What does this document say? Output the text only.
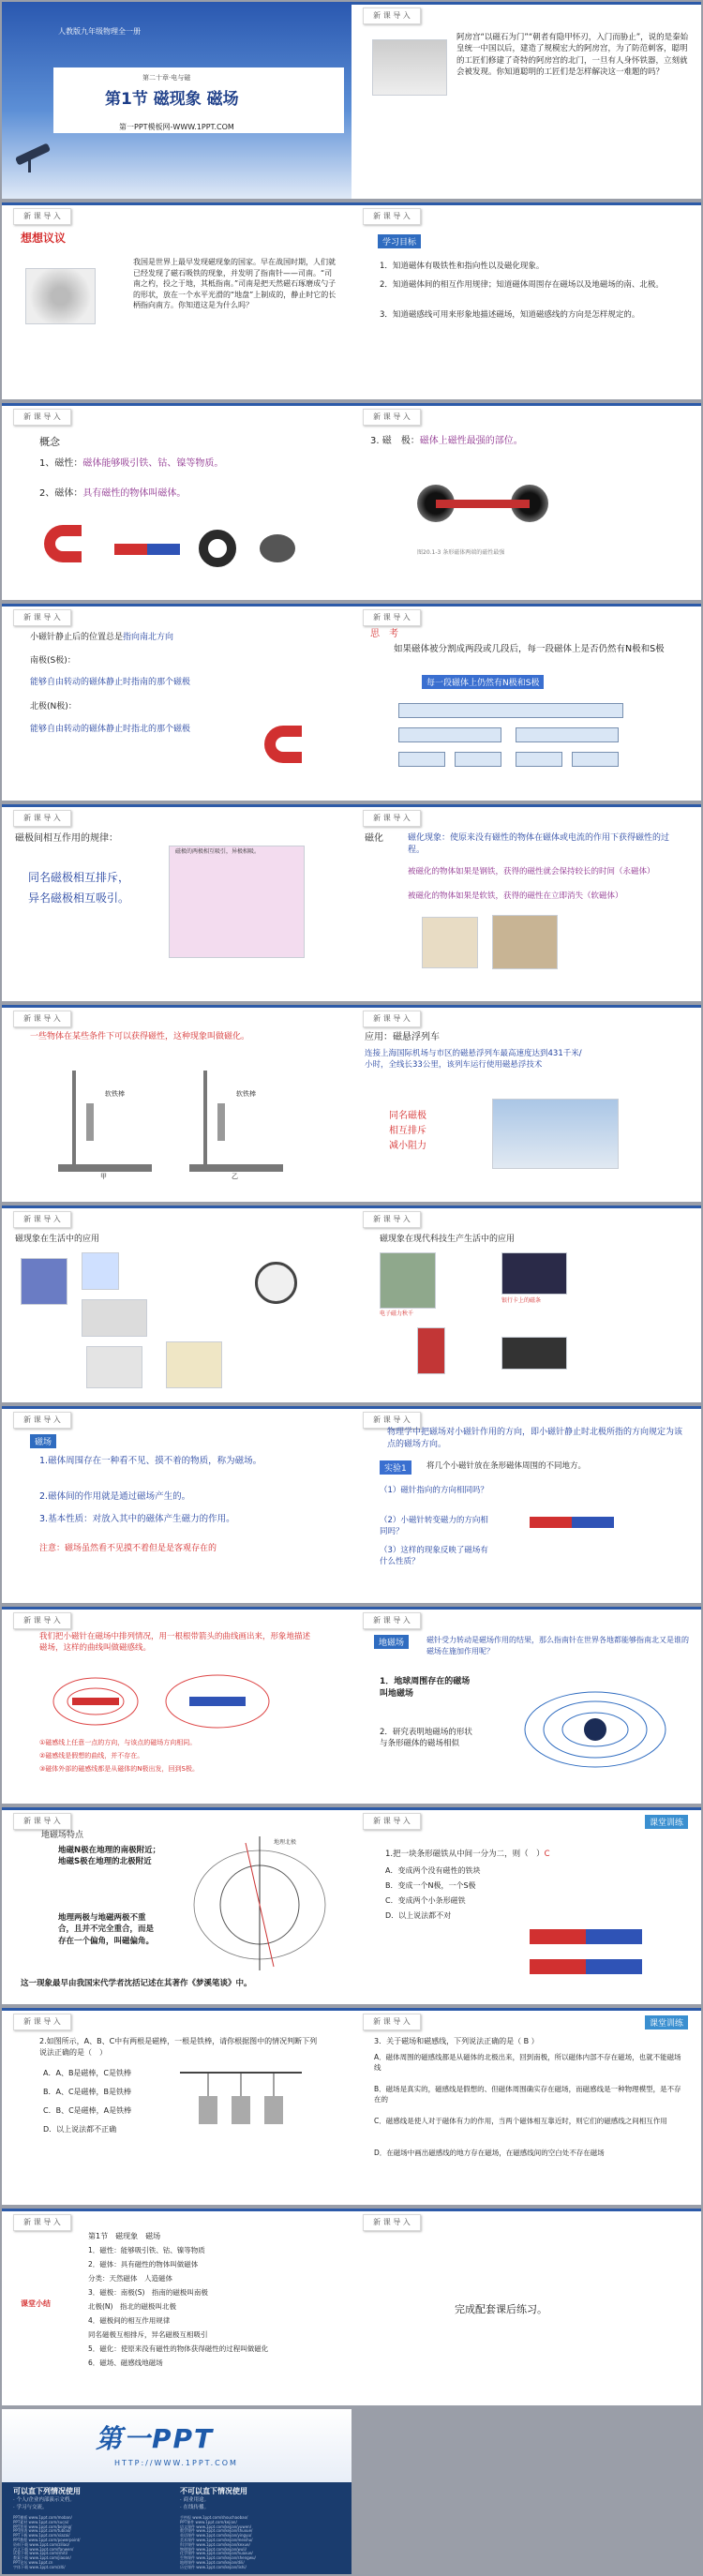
人教版九年级物理全一册
第二十章·电与磁
第1节 磁现象 磁场
第一PPT模板网-WWW.1PPT.COM
新 课 导 入
阿房宫“以磁石为门”“朝者有隐甲怀刃，入门而胁止”，说的是秦始皇统一中国以后，建造了规模宏大的阿房宫，为了防范刺客，聪明的工匠们修建了奇特的阿房宫的北门，一旦有人身怀铁器，立刻就会被发现。你知道聪明的工匠们是怎样解决这一难题的吗？
新 课 导 入
想想议议
我国是世界上最早发现磁现象的国家。早在战国时期，人们就已经发现了磁石吸铁的现象，并发明了指南针——司南。“司南之杓，投之于地，其柢指南。”司南是把天然磁石琢磨成勺子的形状，放在一个水平光滑的“地盘”上制成的，静止时它的长柄指向南方。你知道这是为什么吗？
新 课 导 入
学习目标
1．知道磁体有吸铁性和指向性以及磁化现象。
2．知道磁体间的相互作用规律；知道磁体周围存在磁场以及地磁场的南、北极。
3．知道磁感线可用来形象地描述磁场，知道磁感线的方向是怎样规定的。
新 课 导 入
概念
1、磁性：磁体能够吸引铁、钴、镍等物质。
2、磁体：具有磁性的物体叫磁体。
新 课 导 入
3. 磁　极：磁体上磁性最强的部位。
图20.1-3 条形磁体两端的磁性最强
新 课 导 入
小磁针静止后的位置总是指向南北方向
南极(S极)：
能够自由转动的磁体静止时指南的那个磁极
北极(N极)：
能够自由转动的磁体静止时指北的那个磁极
新 课 导 入
思　考
如果磁体被分割成两段或几段后，每一段磁体上是否仍然有N极和S极
每一段磁体上仍然有N极和S极
新 课 导 入
磁极间相互作用的规律：
同名磁极相互排斥，
异名磁极相互吸引。
磁极的两极相互吸引，异极相吸。
新 课 导 入
磁化	磁化现象：使原来没有磁性的物体在磁体或电流的作用下获得磁性的过程。
被磁化的物体如果是钢铁，获得的磁性就会保持较长的时间（永磁体）
被磁化的物体如果是软铁，获得的磁性在立即消失（软磁体）
新 课 导 入
一些物体在某些条件下可以获得磁性，这种现象叫做磁化。
软铁棒
甲
软铁棒
乙
新 课 导 入
应用：磁悬浮列车
连接上海国际机场与市区的磁悬浮列车最高速度达到431千米/小时，全线长33公里，该列车运行使用磁悬浮技术
同名磁极
相互排斥
减小阻力
新 课 导 入
磁现象在生活中的应用
新 课 导 入
磁现象在现代科技生产生活中的应用
电子磁力秋千
银行卡上的磁条
新 课 导 入
磁场
1.磁体周围存在一种看不见、摸不着的物质，称为磁场。
2.磁体间的作用就是通过磁场产生的。
3.基本性质：对放入其中的磁体产生磁力的作用。
注意：磁场虽然看不见摸不着但是是客观存在的
新 课 导 入
物理学中把磁场对小磁针作用的方向，即小磁针静止时北极所指的方向规定为该点的磁场方向。
实验1	将几个小磁针放在条形磁体周围的不同地方。
（1）磁针指向的方向相同吗？
（2）小磁针转变磁力的方向相同吗？
（3）这样的现象反映了磁场有什么性质？
新 课 导 入
我们把小磁针在磁场中排列情况，用一根根带箭头的曲线画出来，形象地描述磁场，这样的曲线叫做磁感线。
①磁感线上任意一点的方向，与该点的磁场方向相同。
②磁感线是假想的曲线，并不存在。
③磁体外部的磁感线都是从磁体的N极出发，回到S极。
新 课 导 入
地磁场	磁针受力转动是磁场作用的结果，那么指南针在世界各地都能够指南北又是谁的磁场在施加作用呢？
1．地球周围存在的磁场叫地磁场
2．研究表明地磁场的形状与条形磁体的磁场相似
新 课 导 入
地磁场特点
地磁N极在地理的南极附近；地磁S极在地理的北极附近
地理两极与地磁两极不重合，且并不完全重合，而是存在一个偏角，叫磁偏角。
这一现象最早由我国宋代学者沈括记述在其著作《梦溪笔谈》中。
地理北极
新 课 导 入	课堂训练
1.把一块条形磁铁从中间一分为二，则（　）C
A．变成两个没有磁性的铁块
B．变成一个N极，一个S极
C．变成两个小条形磁铁
D．以上说法都不对
新 课 导 入
2.如图所示，A、B、C中有两根是磁棒，一根是铁棒，请你根据图中的情况判断下列说法正确的是（　）
A．A、B是磁棒，C是铁棒
B．A、C是磁棒，B是铁棒
C．B、C是磁棒，A是铁棒
D．以上说法都不正确
新 课 导 入	课堂训练
3．关于磁场和磁感线，下列说法正确的是（ B ）
A．磁体周围的磁感线都是从磁体的北极出来，回到南极，所以磁体内部不存在磁场，也就不能磁场线
B．磁场是真实的，磁感线是假想的、但磁体周围确实存在磁场，而磁感线是一种物理模型，是不存在的
C．磁感线是使人对于磁体有力的作用，当两个磁体相互靠近时，则它们的磁感线之间相互作用
D．在磁场中画出磁感线的地方存在磁场，在磁感线间的空白处不存在磁场
新 课 导 入
课堂小结
第1节　磁现象　磁场
1．磁性：能够吸引铁、钴、镍等物质
2．磁体：具有磁性的物体叫做磁体
分类：天然磁体　人造磁体
3．磁极：南极(S)　指南的磁极叫南极
北极(N)　指北的磁极叫北极
4．磁极间的相互作用规律
同名磁极互相排斥，异名磁极互相吸引
5．磁化：使原来没有磁性的物体获得磁性的过程叫做磁化
6．磁场、磁感线地磁场
新 课 导 入
完成配套课后练习。
第一PPT
HTTP://WWW.1PPT.COM
可以直下列情况使用
· 个人/企业内部演示文档。
· 学习与交流。
不可以直下情况使用
· 商业用途。
· 在线传播。
PPT模板 www.1ppt.com/moban/
PPT素材 www.1ppt.com/sucai/
PPT背景 www.1ppt.com/beijing/
PPT图表 www.1ppt.com/tubiao/
PPT下载 www.1ppt.com/xiazai/
PPT教程 www.1ppt.com/powerpoint/
资料下载 www.1ppt.com/ziliao/
范文下载 www.1ppt.com/fanwen/
试卷下载 www.1ppt.com/shiti/
教案下载 www.1ppt.com/jiaoan/
PPT论坛 www.1ppt.cn
字体下载 www.1ppt.com/ziti/
手抄报 www.1ppt.com/shouchaobao/
PPT课件 www.1ppt.com/kejian/
语文课件 www.1ppt.com/kejian/yuwen/
数学课件 www.1ppt.com/kejian/shuxue/
英语课件 www.1ppt.com/kejian/yingyu/
美术课件 www.1ppt.com/kejian/meishu/
科学课件 www.1ppt.com/kejian/kexue/
物理课件 www.1ppt.com/kejian/wuli/
化学课件 www.1ppt.com/kejian/huaxue/
生物课件 www.1ppt.com/kejian/shengwu/
地理课件 www.1ppt.com/kejian/dili/
历史课件 www.1ppt.com/kejian/lishi/
